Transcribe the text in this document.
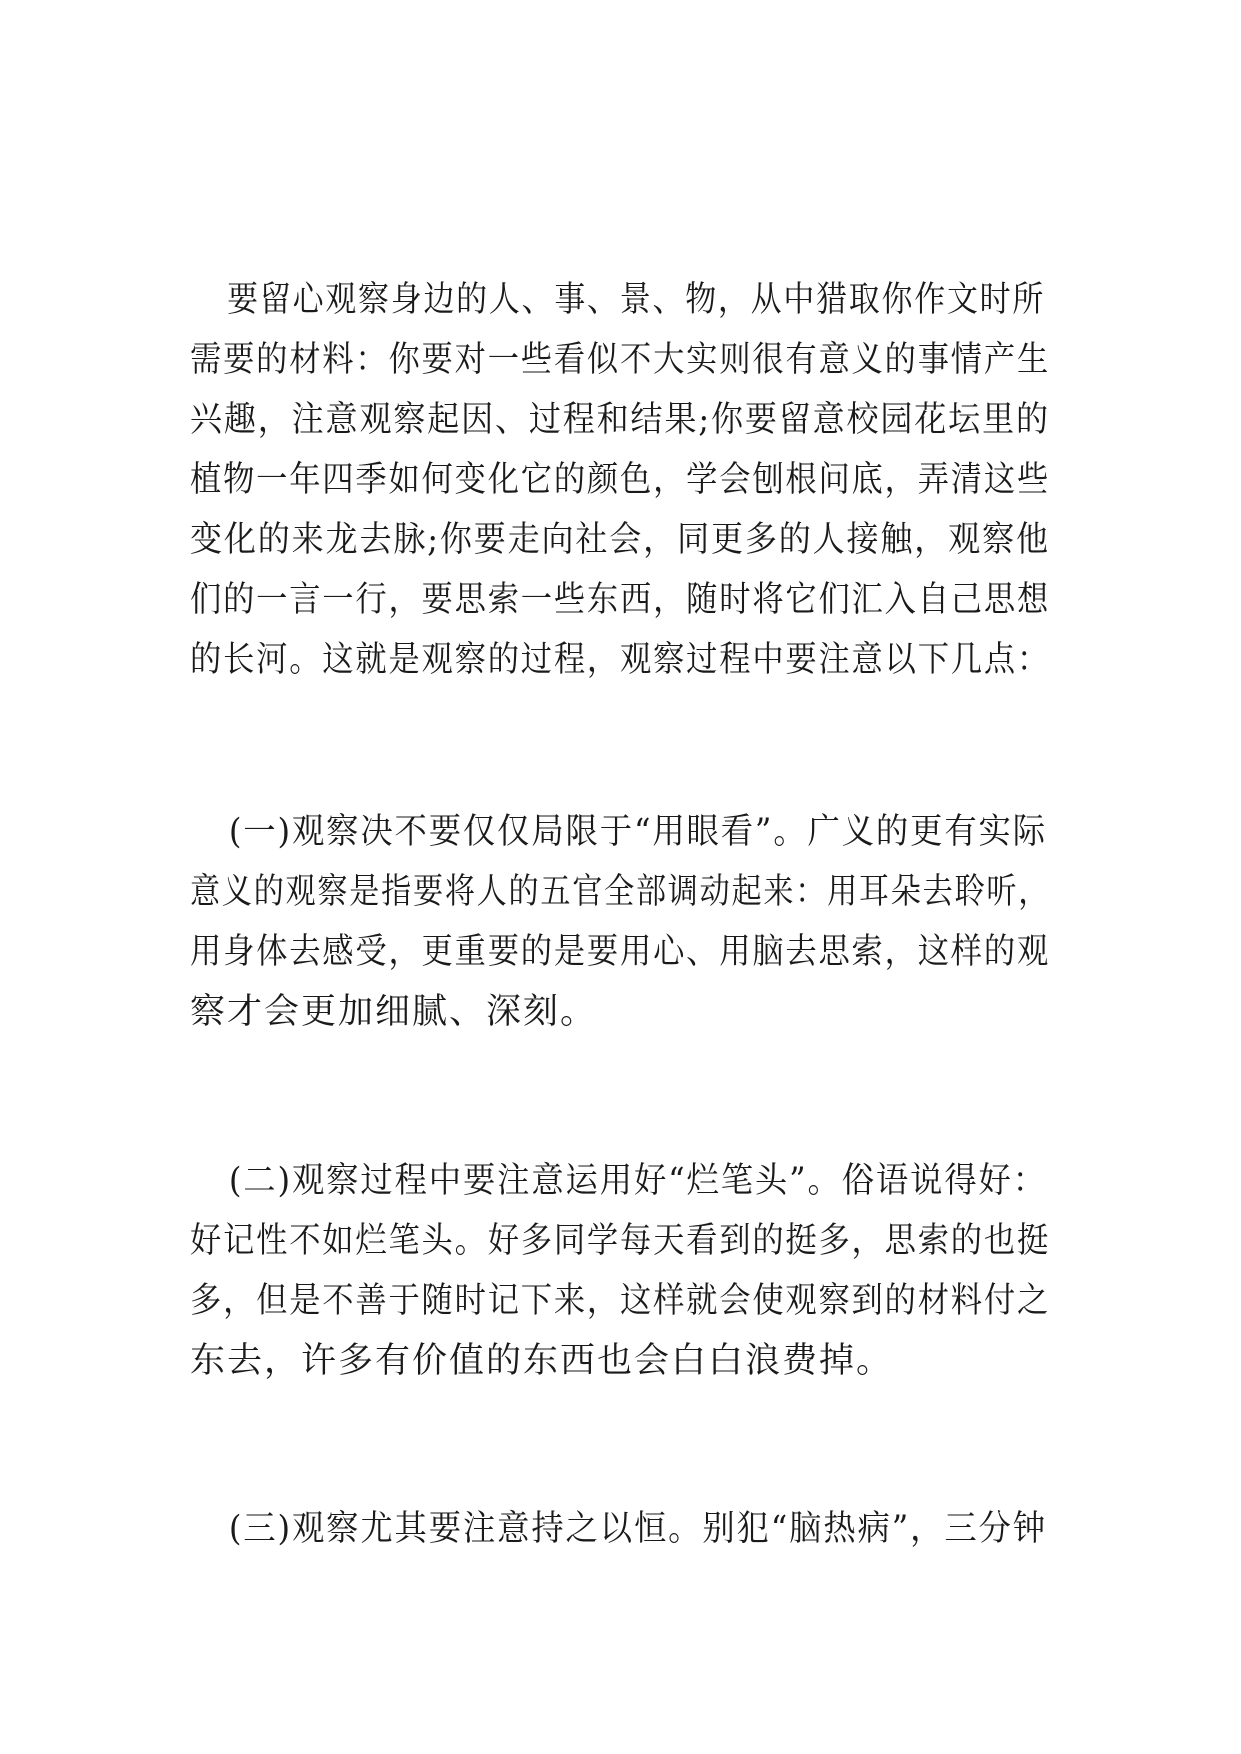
要留心观察身边的人、事、景、物，从中猎取你作文时所
需要的材料：你要对一些看似不大实则很有意义的事情产生
兴趣，注意观察起因、过程和结果;你要留意校园花坛里的
植物一年四季如何变化它的颜色，学会刨根问底，弄清这些
变化的来龙去脉;你要走向社会，同更多的人接触，观察他
们的一言一行，要思索一些东西，随时将它们汇入自己思想
的长河。这就是观察的过程，观察过程中要注意以下几点：
(一)观察决不要仅仅局限于“用眼看”。广义的更有实际
意义的观察是指要将人的五官全部调动起来：用耳朵去聆听，
用身体去感受，更重要的是要用心、用脑去思索，这样的观
察才会更加细腻、深刻。
(二)观察过程中要注意运用好“烂笔头”。俗语说得好：
好记性不如烂笔头。好多同学每天看到的挺多，思索的也挺
多，但是不善于随时记下来，这样就会使观察到的材料付之
东去，许多有价值的东西也会白白浪费掉。
(三)观察尤其要注意持之以恒。别犯“脑热病”，三分钟
